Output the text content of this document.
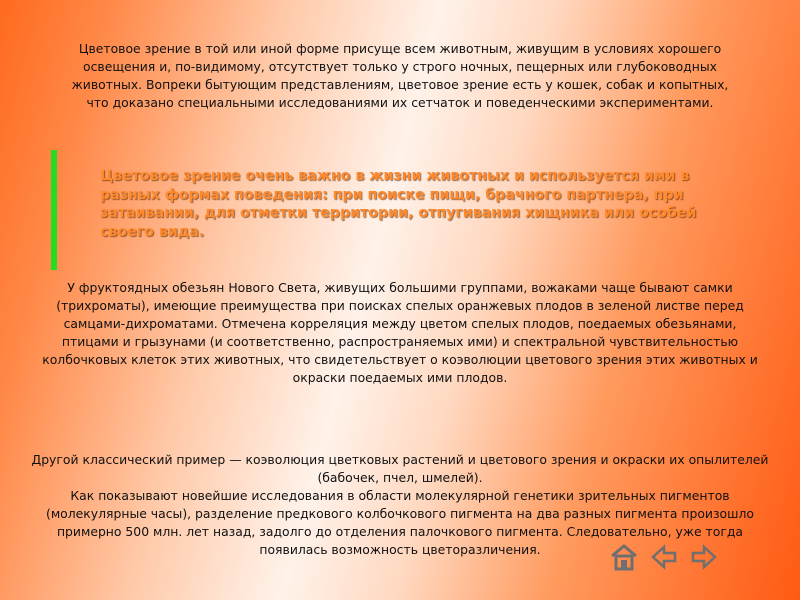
Цветовое зрение в той или иной форме присуще всем животным, живущим в условиях хорошего освещения и, по-видимому, отсутствует только у строго ночных, пещерных или глубоководных животных. Вопреки бытующим представлениям, цветовое зрение есть у кошек, собак и копытных, что доказано специальными исследованиями их сетчаток и поведенческими экспериментами.

Цветовое зрение очень важно в жизни животных и используется ими в разных формах поведения: при поиске пищи, брачного партнера, при затаивании, для отметки территории, отпугивания хищника или особей своего вида.

У фруктоядных обезьян Нового Света, живущих большими группами, вожаками чаще бывают самки (трихроматы), имеющие преимущества при поисках спелых оранжевых плодов в зеленой листве перед самцами-дихроматами. Отмечена корреляция между цветом спелых плодов, поедаемых обезьянами, птицами и грызунами (и соответственно, распространяемых ими) и спектральной чувствительностью колбочковых клеток этих животных, что свидетельствует о коэволюции цветового зрения этих животных и окраски поедаемых ими плодов.

Другой классический пример — коэволюция цветковых растений и цветового зрения и окраски их опылителей (бабочек, пчел, шмелей).

Как показывают новейшие исследования в области молекулярной генетики зрительных пигментов (молекулярные часы), разделение предкового колбочкового пигмента на два разных пигмента произошло примерно 500 млн. лет назад, задолго до отделения палочкового пигмента. Следовательно, уже тогда появилась возможность цветоразличения.
